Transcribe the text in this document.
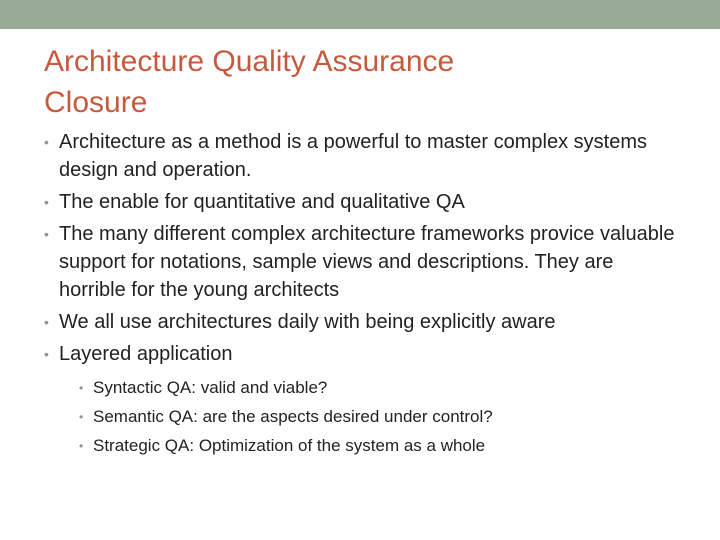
Architecture Quality Assurance
Closure
• Architecture as a method is a powerful to master complex systems design and operation.
• The enable for quantitative and qualitative QA
• The many different complex architecture frameworks provice valuable support for notations, sample views and descriptions. They are horrible for the young architects
• We all use architectures daily with being explicitly aware
• Layered application
• Syntactic QA: valid and viable?
• Semantic QA: are the aspects desired under control?
• Strategic QA: Optimization of the system as a whole
